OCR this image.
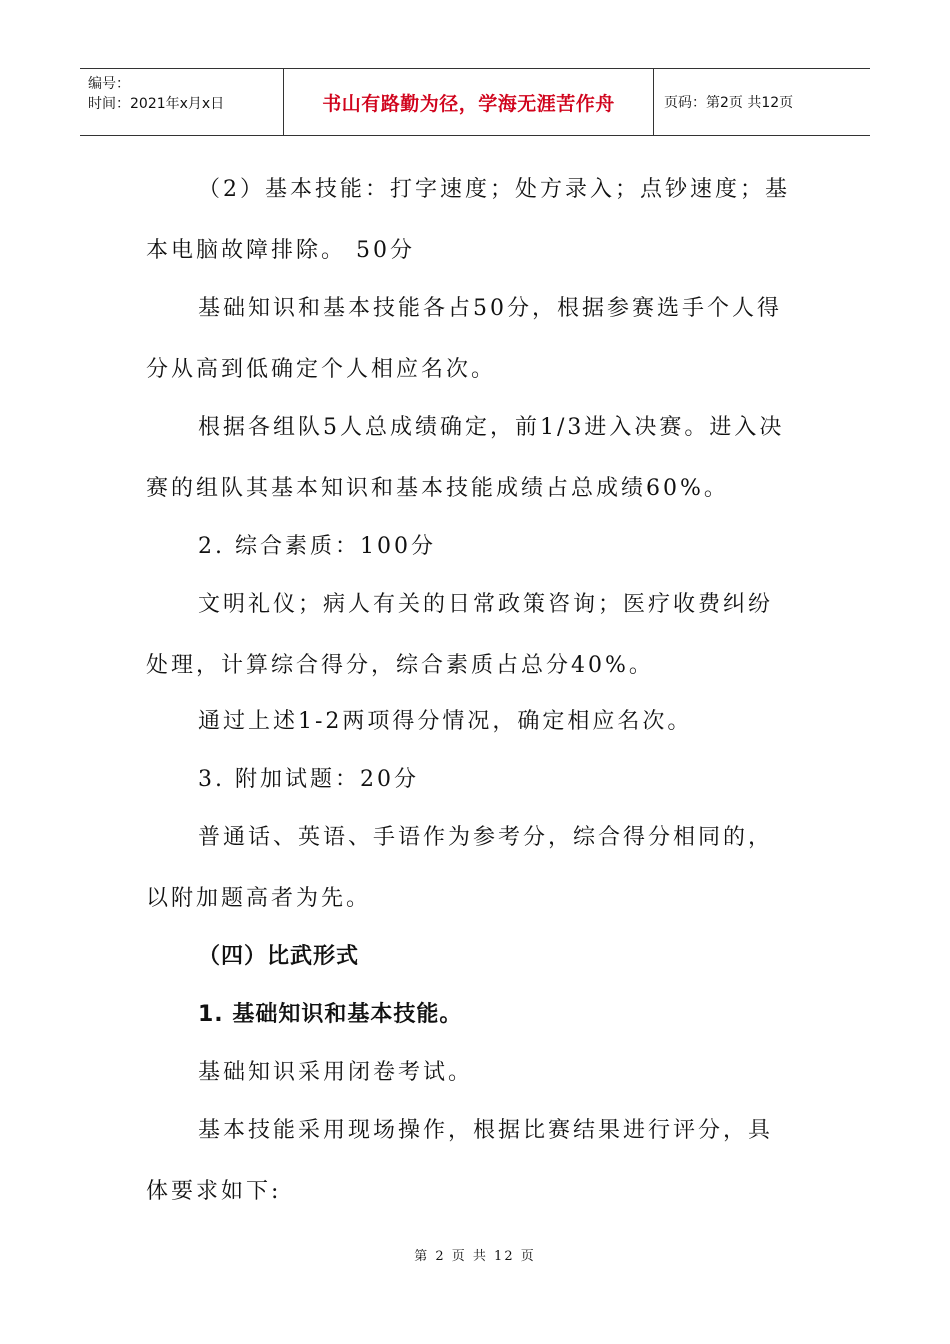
编号：
时间：2021年x月x日	书山有路勤为径，学海无涯苦作舟	页码：第2页 共12页
（2）基本技能：打字速度；处方录入；点钞速度；基
本电脑故障排除。 50分
基础知识和基本技能各占50分，根据参赛选手个人得
分从高到低确定个人相应名次。
根据各组队5人总成绩确定，前1/3进入决赛。进入决
赛的组队其基本知识和基本技能成绩占总成绩60%。
2. 综合素质：100分
文明礼仪；病人有关的日常政策咨询；医疗收费纠纷
处理，计算综合得分，综合素质占总分40%。
通过上述1-2两项得分情况，确定相应名次。
3. 附加试题：20分
普通话、英语、手语作为参考分，综合得分相同的，
以附加题高者为先。
（四）比武形式
1. 基础知识和基本技能。
基础知识采用闭卷考试。
基本技能采用现场操作，根据比赛结果进行评分，具
体要求如下:
第 2 页 共 12 页
